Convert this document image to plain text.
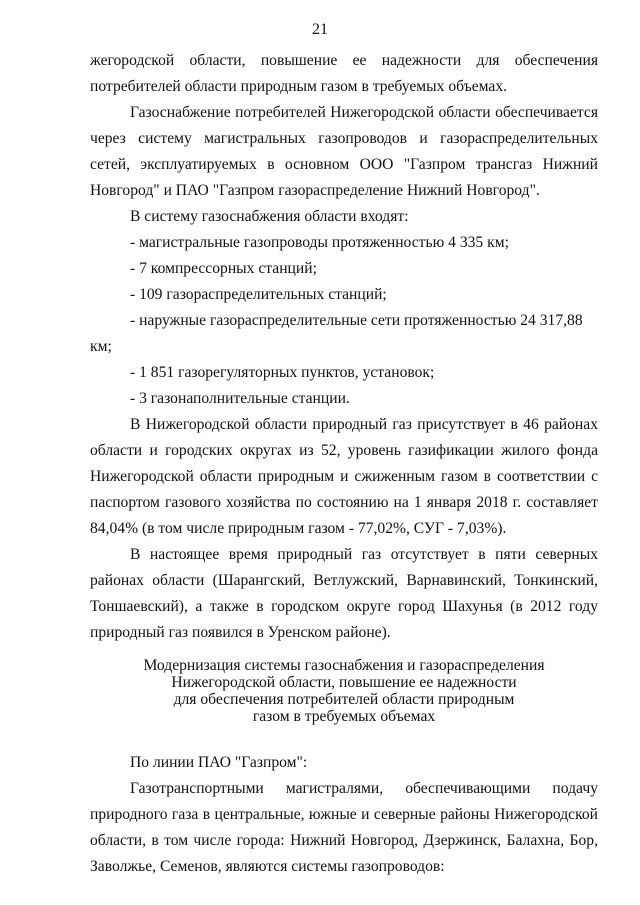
21

жегородской области, повышение ее надежности для обеспечения потребителей области природным газом в требуемых объемах.

Газоснабжение потребителей Нижегородской области обеспечивается через систему магистральных газопроводов и газораспределительных сетей, эксплуатируемых в основном ООО "Газпром трансгаз Нижний Новгород" и ПАО "Газпром газораспределение Нижний Новгород".

В систему газоснабжения области входят:

- магистральные газопроводы протяженностью 4 335 км;

- 7 компрессорных станций;

- 109 газораспределительных станций;

- наружные газораспределительные сети протяженностью 24 317,88 км;

- 1 851 газорегуляторных пунктов, установок;

- 3 газонаполнительные станции.

В Нижегородской области природный газ присутствует в 46 районах области и городских округах из 52, уровень газификации жилого фонда Нижегородской области природным и сжиженным газом в соответствии с паспортом газового хозяйства по состоянию на 1 января 2018 г. составляет 84,04% (в том числе природным газом - 77,02%, СУГ - 7,03%).

В настоящее время природный газ отсутствует в пяти северных районах области (Шарангский, Ветлужский, Варнавинский, Тонкинский, Тоншаевский), а также в городском округе город Шахунья (в 2012 году природный газ появился в Уренском районе).

Модернизация системы газоснабжения и газораспределения
Нижегородской области, повышение ее надежности
для обеспечения потребителей области природным
газом в требуемых объемах

По линии ПАО "Газпром":

Газотранспортными магистралями, обеспечивающими подачу природного газа в центральные, южные и северные районы Нижегородской области, в том числе города: Нижний Новгород, Дзержинск, Балахна, Бор, Заволжье, Семенов, являются системы газопроводов:
